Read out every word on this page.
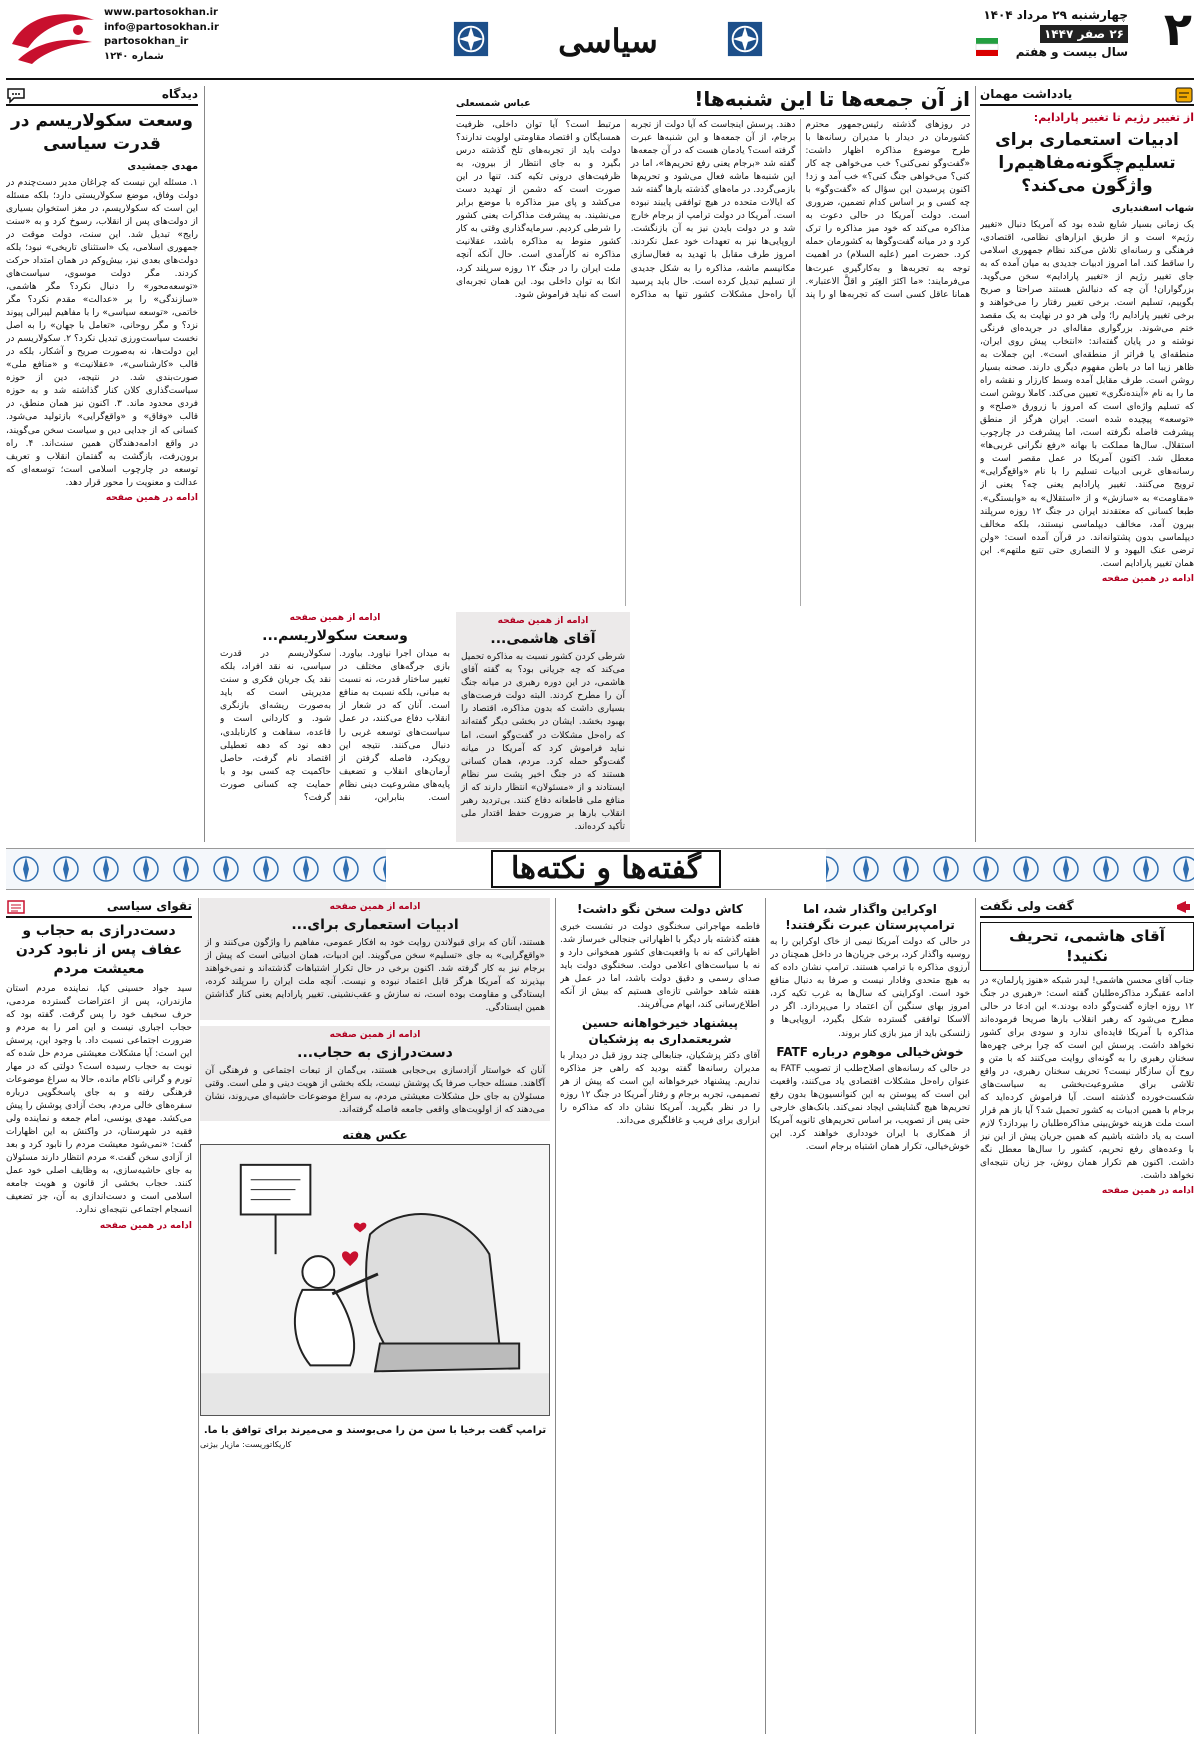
۲
چهارشنبه ۲۹ مرداد ۱۴۰۴
۲۶ صفر ۱۴۴۷
سال بیست و هفتم
سیاسی
www.partosokhan.ir
info@partosokhan.ir
partosokhan_ir
شماره ۱۲۴۰
یادداشت مهمان
از تغییر رژیم تا تغییر پارادایم:
ادبیات استعماری برای تسلیم‌چگونه‌مفاهیم‌را واژگون می‌کند؟
شهاب اسفندیاری

یک زمانی بسیار شایع شده بود که آمریکا دنبال «تغییر رژیم» است و از طریق ابزارهای نظامی، اقتصادی، فرهنگی و رسانه‌ای تلاش می‌کند نظام جمهوری اسلامی را ساقط کند. اما امروز ادبیات جدیدی به میان آمده که به جای تغییر رژیم از «تغییر پارادایم» سخن می‌گوید. بزرگواران! آن چه که دنبالش هستند صراحتا و صریح بگوییم، تسلیم است. برخی تغییر رفتار را می‌خواهند و برخی تغییر پارادایم را؛ ولی هر دو در نهایت به یک مقصد ختم می‌شوند. بزرگواری مقاله‌ای در جریده‌ای فرنگی نوشته و در پایان گفته‌اند: «انتخاب پیش روی ایران، منطقه‌ای یا فراتر از منطقه‌ای است». این جملات به ظاهر زیبا اما در باطن مفهوم دیگری دارند. صحنه بسیار روشن است. طرف مقابل آمده وسط کارزار و نقشه راه ما را به نام «آینده‌نگری» تعیین می‌کند. کاملا روشن است که تسلیم واژه‌ای است که امروز با زرورق «صلح» و «توسعه» پیچیده شده است. ایران هرگز از منطق پیشرفت فاصله نگرفته است، اما پیشرفت در چارچوب استقلال. سال‌ها مملکت با بهانه «رفع نگرانی غربی‌ها» معطل شد. اکنون آمریکا در عمل مقصر است و رسانه‌های غربی ادبیات تسلیم را با نام «واقع‌گرایی» ترویج می‌کنند. تغییر پارادایم یعنی چه؟ یعنی از «مقاومت» به «سازش» و از «استقلال» به «وابستگی». طبعا کسانی که معتقدند ایران در جنگ ۱۲ روزه سرپلند بیرون آمد، مخالف دیپلماسی نیستند، بلکه مخالف دیپلماسی بدون پشتوانه‌اند. در قرآن آمده است: «ولن ترضی عنک الیهود و لا النصاری حتی تتبع ملتهم». این همان تغییر پارادایم است.

ادامه در همین صفحه
از آن جمعه‌ها تا این شنبه‌ها!
عباس شمسعلی

در روزهای گذشته رئیس‌جمهور محترم کشورمان در دیدار با مدیران رسانه‌ها با طرح موضوع مذاکره اظهار داشت: «گفت‌وگو نمی‌کنی؟ خب می‌خواهی چه کار کنی؟ می‌خواهی جنگ کنی؟» خب آمد و زد! اکنون پرسیدن این سؤال که «گفت‌وگو» با چه کسی و بر اساس کدام تضمین، ضروری است. دولت آمریکا در حالی دعوت به مذاکره می‌کند که خود میز مذاکره را ترک کرد و در میانه گفت‌وگوها به کشورمان حمله کرد. حضرت امیر (علیه السلام) در اهمیت توجه به تجربه‌ها و به‌کارگیری عبرت‌ها می‌فرمایند: «ما اکثرَ العِبَر و اقلَّ الاعتبار». همانا عاقل کسی است که تجربه‌ها او را پند دهند. پرسش اینجاست که آیا دولت از تجربه برجام، از آن جمعه‌ها و این شنبه‌ها عبرت گرفته است؟ یادمان هست که در آن جمعه‌ها گفته شد «برجام یعنی رفع تحریم‌ها»، اما در این شنبه‌ها ماشه فعال می‌شود و تحریم‌ها بازمی‌گردد. در ماه‌های گذشته بارها گفته شد که ایالات متحده در هیچ توافقی پایبند نبوده است. آمریکا در دولت ترامپ از برجام خارج شد و در دولت بایدن نیز به آن بازنگشت. اروپایی‌ها نیز به تعهدات خود عمل نکردند. امروز طرف مقابل با تهدید به فعال‌سازی مکانیسم ماشه، مذاکره را به شکل جدیدی از تسلیم تبدیل کرده است. حال باید پرسید آیا راه‌حل مشکلات کشور تنها به مذاکره مرتبط است؟ آیا توان داخلی، ظرفیت همسایگان و اقتصاد مقاومتی اولویت ندارند؟ دولت باید از تجربه‌های تلخ گذشته درس بگیرد و به جای انتظار از بیرون، به ظرفیت‌های درونی تکیه کند. تنها در این صورت است که دشمن از تهدید دست می‌کشد و پای میز مذاکره با موضع برابر می‌نشیند. به پیشرفت مذاکرات یعنی کشور را شرطی کردیم. سرمایه‌گذاری وقتی به کار کشور منوط به مذاکره باشد، عقلانیت مذاکره نه کارآمدی است. حال آنکه آنچه ملت ایران را در جنگ ۱۲ روزه سرپلند کرد، اتکا به توان داخلی بود. این همان تجربه‌ای است که نباید فراموش شود.

ادامه از همین صفحه
آقای هاشمی...

شرطی کردن کشور نسبت به مذاکره تحمیل می‌کند که چه جریانی بود؟ به گفته آقای هاشمی، در این دوره رهبری در میانه جنگ آن را مطرح کردند. البته دولت فرصت‌های بسیاری داشت که بدون مذاکره، اقتصاد را بهبود بخشد. ایشان در بخشی دیگر گفته‌اند که راه‌حل مشکلات در گفت‌وگو است، اما نباید فراموش کرد که آمریکا در میانه گفت‌وگو حمله کرد. مردم، همان کسانی هستند که در جنگ اخیر پشت سر نظام ایستادند و از «مسئولان» انتظار دارند که از منافع ملی قاطعانه دفاع کنند. بی‌تردید رهبر انقلاب بارها بر ضرورت حفظ اقتدار ملی تأکید کرده‌اند.

ادامه از همین صفحه
وسعت سکولاریسم...

به میدان اجرا نیاورد. بیاورد. بازی جرگه‌های مختلف در تغییر ساختار قدرت، نه نسبت به مبانی، بلکه نسبت به منافع است. آنان که در شعار از انقلاب دفاع می‌کنند، در عمل سیاست‌های توسعه غربی را دنبال می‌کنند. نتیجه این رویکرد، فاصله گرفتن از آرمان‌های انقلاب و تضعیف پایه‌های مشروعیت دینی نظام است. بنابراین، نقد سکولاریسم در قدرت سیاسی، نه نقد افراد، بلکه نقد یک جریان فکری و سنت مدیریتی است که باید به‌صورت ریشه‌ای بازنگری شود. و کاردانی است و قاعده، سفاهت و کارنابلدی، دهه نود که دهه تعطیلی اقتصاد نام گرفت، حاصل حاکمیت چه کسی بود و با حمایت چه کسانی صورت گرفت؟

دیدگاه
وسعت سکولاریسم در قدرت سیاسی
مهدی جمشیدی

۱. مسئله این نیست که چراغان مدیر دست‌چندم در دولت وفاق، موضع سکولاریستی دارد؛ بلکه مسئله این است که سکولاریسم، در مغز استخوان بسیاری از دولت‌های پس از انقلاب، رسوخ کرد و به «سنت رایج» تبدیل شد. این سنت، دولت موقت در جمهوری اسلامی، یک «استثنای تاریخی» نبود؛ بلکه دولت‌های بعدی نیز، بیش‌وکم در همان امتداد حرکت کردند. مگر دولت موسوی، سیاست‌های «توسعه‌محور» را دنبال نکرد؟ مگر هاشمی، «سازندگی» را بر «عدالت» مقدم نکرد؟ مگر خاتمی، «توسعه سیاسی» را با مفاهیم لیبرالی پیوند نزد؟ و مگر روحانی، «تعامل با جهان» را به اصل نخست سیاست‌ورزی تبدیل نکرد؟ ۲. سکولاریسم در این دولت‌ها، نه به‌صورت صریح و آشکار، بلکه در قالب «کارشناسی»، «عقلانیت» و «منافع ملی» صورت‌بندی شد. در نتیجه، دین از حوزه سیاست‌گذاری کلان کنار گذاشته شد و به حوزه فردی محدود ماند. ۳. اکنون نیز همان منطق، در قالب «وفاق» و «واقع‌گرایی» بازتولید می‌شود. کسانی که از جدایی دین و سیاست سخن می‌گویند، در واقع ادامه‌دهندگان همین سنت‌اند. ۴. راه برون‌رفت، بازگشت به گفتمان انقلاب و تعریف توسعه در چارچوب اسلامی است؛ توسعه‌ای که عدالت و معنویت را محور قرار دهد.

ادامه در همین صفحه
گفته‌ها و نکته‌ها
گفت ولی نگفت
آقای هاشمی، تحریف نکنید!

جناب آقای محسن هاشمی! لیدر شبکه «هنوز پارلمان» در ادامه عقبگرد مذاکره‌طلبان گفته است: «رهبری در جنگ ۱۲ روزه اجازه گفت‌وگو داده بودند.» این ادعا در حالی مطرح می‌شود که رهبر انقلاب بارها صریحا فرموده‌اند مذاکره با آمریکا فایده‌ای ندارد و سودی برای کشور نخواهد داشت. پرسش این است که چرا برخی چهره‌ها سخنان رهبری را به گونه‌ای روایت می‌کنند که با متن و روح آن سازگار نیست؟ تحریف سخنان رهبری، در واقع تلاشی برای مشروعیت‌بخشی به سیاست‌های شکست‌خورده گذشته است. آیا فراموش کرده‌اید که برجام با همین ادبیات به کشور تحمیل شد؟ آیا باز هم قرار است ملت هزینه خوش‌بینی مذاکره‌طلبان را بپردازد؟ لازم است به یاد داشته باشیم که همین جریان پیش از این نیز با وعده‌های رفع تحریم، کشور را سال‌ها معطل نگه داشت. اکنون هم تکرار همان روش، جز زیان نتیجه‌ای نخواهد داشت.

ادامه در همین صفحه
اوکراین واگذار شد، اما ترامپ‌پرستان عبرت نگرفتند!

در حالی که دولت آمریکا نیمی از خاک اوکراین را به روسیه واگذار کرد، برخی جریان‌ها در داخل همچنان در آرزوی مذاکره با ترامپ هستند. ترامپ نشان داده که به هیچ متحدی وفادار نیست و صرفا به دنبال منافع خود است. اوکراینی که سال‌ها به غرب تکیه کرد، امروز بهای سنگین آن اعتماد را می‌پردازد. اگر در آلاسکا توافقی گسترده شکل بگیرد، اروپایی‌ها و زلنسکی باید از میز بازی کنار بروند.

خوش‌خیالی موهوم درباره FATF

در حالی که رسانه‌های اصلاح‌طلب از تصویب FATF به عنوان راه‌حل مشکلات اقتصادی یاد می‌کنند، واقعیت این است که پیوستن به این کنوانسیون‌ها بدون رفع تحریم‌ها هیچ گشایشی ایجاد نمی‌کند. بانک‌های خارجی حتی پس از تصویب، بر اساس تحریم‌های ثانویه آمریکا از همکاری با ایران خودداری خواهند کرد. این خوش‌خیالی، تکرار همان اشتباه برجام است.

کاش دولت سخن نگو داشت!

فاطمه مهاجرانی سخنگوی دولت در نشست خبری هفته گذشته بار دیگر با اظهاراتی جنجالی خبرساز شد. اظهاراتی که نه با واقعیت‌های کشور همخوانی دارد و نه با سیاست‌های اعلامی دولت. سخنگوی دولت باید صدای رسمی و دقیق دولت باشد، اما در عمل هر هفته شاهد حواشی تازه‌ای هستیم که بیش از آنکه اطلاع‌رسانی کند، ابهام می‌آفریند.

پیشنهاد خیرخواهانه حسین شریعتمداری به پزشکیان

آقای دکتر پزشکیان، جنابعالی چند روز قبل در دیدار با مدیران رسانه‌ها گفته بودید که راهی جز مذاکره نداریم. پیشنهاد خیرخواهانه این است که پیش از هر تصمیمی، تجربه برجام و رفتار آمریکا در جنگ ۱۲ روزه را در نظر بگیرید. آمریکا نشان داد که مذاکره را ابزاری برای فریب و غافلگیری می‌داند.

ادامه از همین صفحه
ادبیات استعماری برای...

هستند، آنان که برای قبولاندن روایت خود به افکار عمومی، مفاهیم را واژگون می‌کنند و از «واقع‌گرایی» به جای «تسلیم» سخن می‌گویند. این ادبیات، همان ادبیاتی است که پیش از برجام نیز به کار گرفته شد. اکنون برخی در حال تکرار اشتباهات گذشته‌اند و نمی‌خواهند بپذیرند که آمریکا هرگز قابل اعتماد نبوده و نیست. آنچه ملت ایران را سرپلند کرده، ایستادگی و مقاومت بوده است، نه سازش و عقب‌نشینی. تغییر پارادایم یعنی کنار گذاشتن همین ایستادگی.

ادامه از همین صفحه
دست‌درازی به حجاب...

آنان که خواستار آزادسازی بی‌حجابی هستند، بی‌گمان از تبعات اجتماعی و فرهنگی آن آگاهند. مسئله حجاب صرفا یک پوشش نیست، بلکه بخشی از هویت دینی و ملی است. وقتی مسئولان به جای حل مشکلات معیشتی مردم، به سراغ موضوعات حاشیه‌ای می‌روند، نشان می‌دهند که از اولویت‌های واقعی جامعه فاصله گرفته‌اند.

عکس هفته
ترامپ گفت برخیا با سن من را می‌بوسند و می‌میرند برای توافق با ما.
کاریکاتوریست: مازیار بیژنی
تقوای سیاسی
دست‌درازی به حجاب و عفاف پس از نابود کردن معیشت مردم

سید جواد حسینی کیا، نماینده مردم استان مازندران، پس از اعتراضات گسترده مردمی، حرف سخیف خود را پس گرفت. گفته بود که حجاب اجباری نیست و این امر را به مردم و ضرورت اجتماعی نسبت داد. با وجود این، پرسش این است: آیا مشکلات معیشتی مردم حل شده که نوبت به حجاب رسیده است؟ دولتی که در مهار تورم و گرانی ناکام مانده، حالا به سراغ موضوعات فرهنگی رفته و به جای پاسخگویی درباره سفره‌های خالی مردم، بحث آزادی پوشش را پیش می‌کشد. مهدی یونسی، امام جمعه و نماینده ولی فقیه در شهرستان، در واکنش به این اظهارات گفت: «نمی‌شود معیشت مردم را نابود کرد و بعد از آزادی سخن گفت.» مردم انتظار دارند مسئولان به جای حاشیه‌سازی، به وظایف اصلی خود عمل کنند. حجاب بخشی از قانون و هویت جامعه اسلامی است و دست‌اندازی به آن، جز تضعیف انسجام اجتماعی نتیجه‌ای ندارد.

ادامه در همین صفحه
